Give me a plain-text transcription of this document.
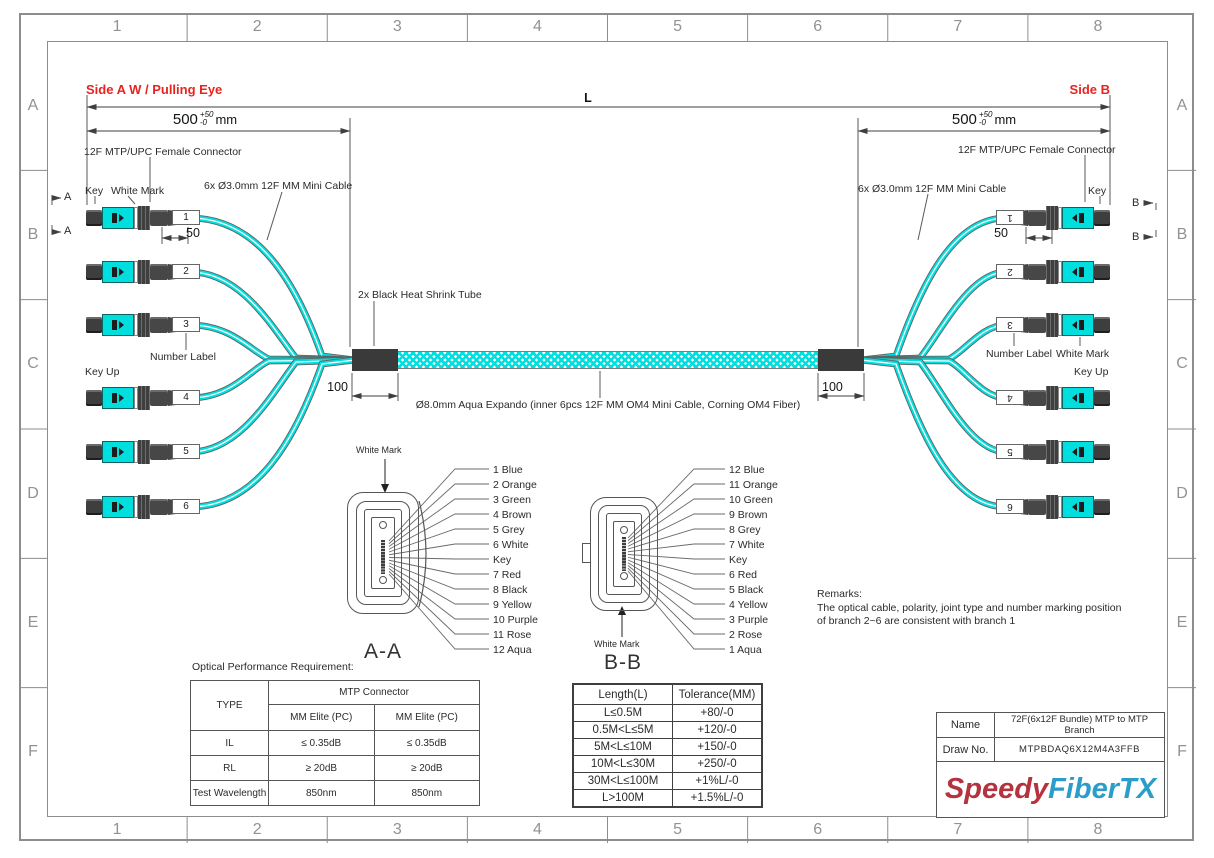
1
1
2
2
3
3
4
4
5
5
6
6
7
7
8
8
A	A
B	B
C	C
D	D
E	E
F	F
1	1
2	2
3	3
4	4
5	5
6	6
Side A W / Pulling Eye	Side B
L
500 +50
-0 mm	500 +50
-0 mm
12F MTP/UPC Female Connector	12F MTP/UPC Female Connector
Key White Mark	Key
6x Ø3.0mm 12F MM Mini Cable	6x Ø3.0mm 12F MM Mini Cable
50	50
2x Black Heat Shrink Tube
Number Label
Key Up
Number Label White Mark
Key Up
100	100
Ø8.0mm Aqua Expando (inner 6pcs 12F MM OM4 Mini Cable, Corning OM4 Fiber)
A
A
B
B
White Mark
A-A	White Mark
B-B
Remarks:
The optical cable, polarity, joint type and number marking position of branch 2~6 are consistent with branch 1
Optical Performance Requirement:
TYPE	MTP Connector	
	MM Elite (PC)	MM Elite (PC)
IL	≤ 0.35dB	≤ 0.35dB
RL	≥ 20dB	≥ 20dB
Test Wavelength	850nm	850nm
Length(L)	Tolerance(MM)
L≤0.5M	+80/-0
0.5M<L≤5M	+120/-0
5M<L≤10M	+150/-0
10M<L≤30M	+250/-0
30M<L≤100M	+1%L/-0
L>100M	+1.5%L/-0
Name	72F(6x12F Bundle) MTP to MTP Branch
Draw No.	MTPBDAQ6X12M4A3FFB
SpeedyFiberTX	
1 Blue
2 Orange
3 Green
4 Brown
5 Grey
6 White
Key
7 Red
8 Black
9 Yellow
10 Purple
11 Rose
12 Aqua
12 Blue
11 Orange
10 Green
9 Brown
8 Grey
7 White
Key
6 Red
5 Black
4 Yellow
3 Purple
2 Rose
1 Aqua
